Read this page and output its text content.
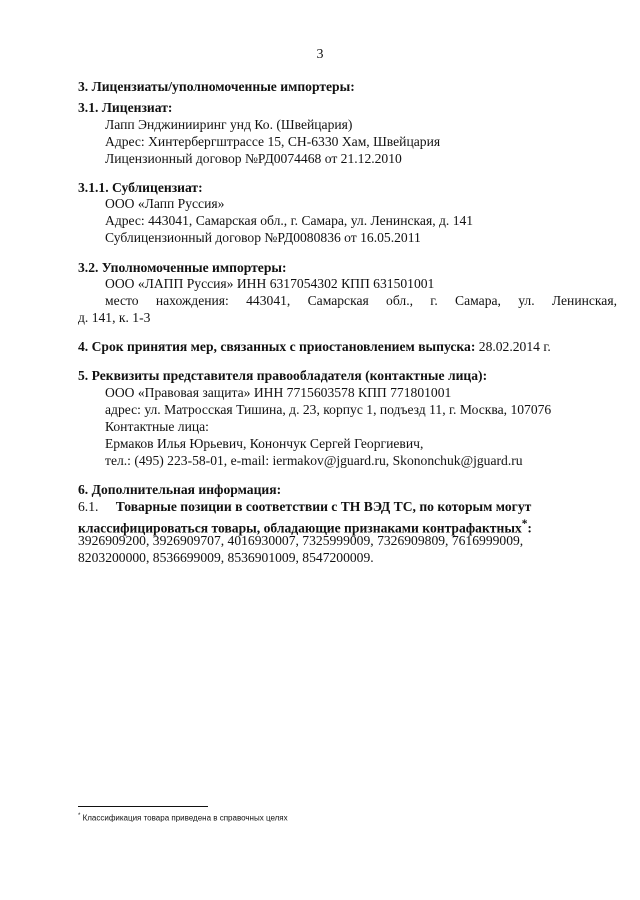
3
3. Лицензиаты/уполномоченные импортеры:
3.1. Лицензиат:
Лапп Энджинииринг унд Ко. (Швейцария)
Адрес: Хинтербергштрассе 15, CH-6330 Хам, Швейцария
Лицензионный договор №РД0074468 от 21.12.2010
3.1.1. Сублицензиат:
ООО «Лапп Руссия»
Адрес: 443041, Самарская обл., г. Самара, ул. Ленинская, д. 141
Сублицензионный договор №РД0080836 от 16.05.2011
3.2. Уполномоченные импортеры:
ООО «ЛАПП Руссия» ИНН 6317054302 КПП 631501001
место нахождения: 443041, Самарская обл., г. Самара, ул. Ленинская,
д. 141, к. 1-3
4. Срок принятия мер, связанных с приостановлением выпуска: 28.02.2014 г.
5. Реквизиты представителя правообладателя (контактные лица):
ООО «Правовая защита» ИНН 7715603578 КПП 771801001
адрес: ул. Матросская Тишина, д. 23, корпус 1, подъезд 11, г. Москва, 107076
Контактные лица:
Ермаков Илья Юрьевич, Конончук Сергей Георгиевич,
тел.: (495) 223-58-01, e-mail: iermakov@jguard.ru, Skononchuk@jguard.ru
6. Дополнительная информация:
6.1. Товарные позиции в соответствии с ТН ВЭД ТС, по которым могут
классифицироваться товары, обладающие признаками контрафактных*:
3926909200, 3926909707, 4016930007, 7325999009, 7326909809, 7616999009,
8203200000, 8536699009, 8536901009, 8547200009.
* Классификация товара приведена в справочных целях
